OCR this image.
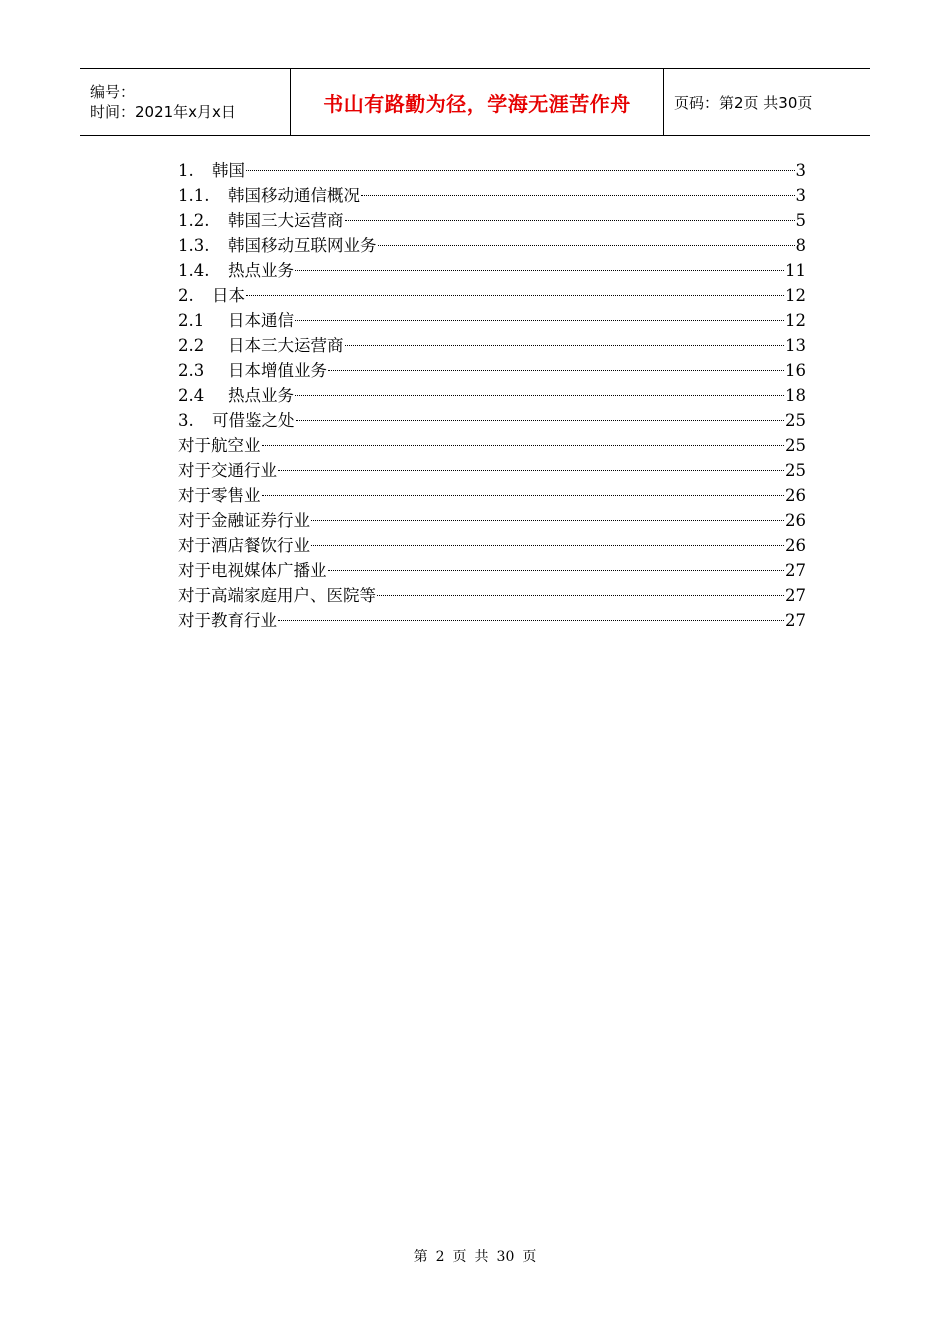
编号：
时间：2021年x月x日	书山有路勤为径，学海无涯苦作舟	页码：第2页 共30页
1.	韩国	3
1.1.	韩国移动通信概况	3
1.2.	韩国三大运营商	5
1.3.	韩国移动互联网业务	8
1.4.	热点业务	11
2.	日本	12
2.1	日本通信	12
2.2	日本三大运营商	13
2.3	日本增值业务	16
2.4	热点业务	18
3.	可借鉴之处	25
对于航空业	25
对于交通行业	25
对于零售业	26
对于金融证券行业	26
对于酒店餐饮行业	26
对于电视媒体广播业	27
对于高端家庭用户、医院等	27
对于教育行业	27
第 2 页 共 30 页
